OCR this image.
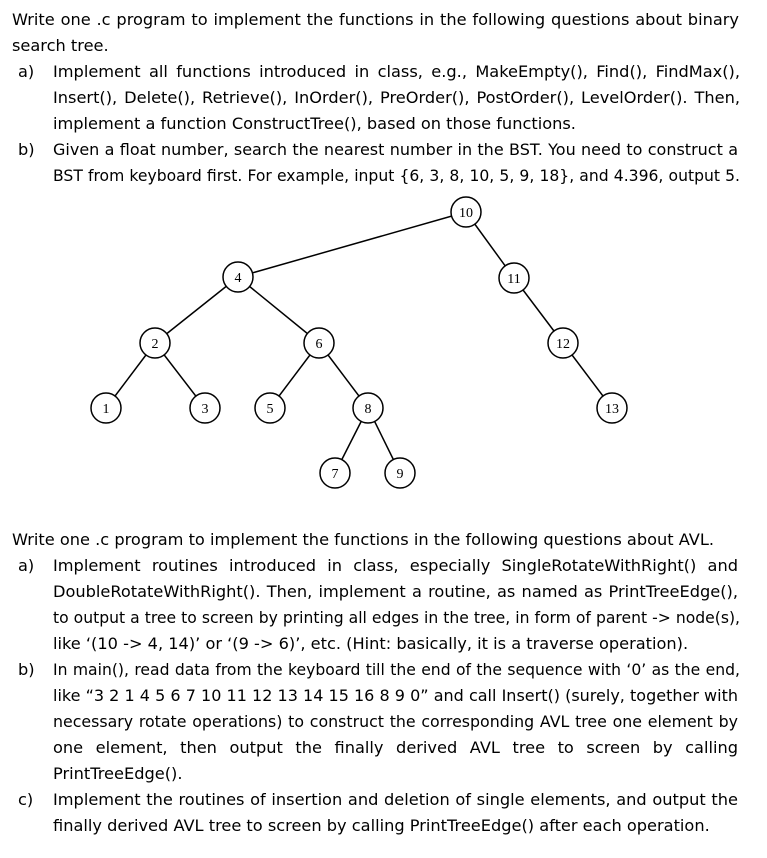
Write one .c program to implement the functions in the following questions about binary
search tree.
a) Implement all functions introduced in class, e.g., MakeEmpty(), Find(), FindMax(),
Insert(), Delete(), Retrieve(), InOrder(), PreOrder(), PostOrder(), LevelOrder(). Then,
implement a function ConstructTree(), based on those functions.
b) Given a float number, search the nearest number in the BST. You need to construct a
BST from keyboard first. For example, input {6, 3, 8, 10, 5, 9, 18}, and 4.396, output 5.
10
4	11
2	6	12
1	3	5	8	13
7	9
Write one .c program to implement the functions in the following questions about AVL.
a) Implement routines introduced in class, especially SingleRotateWithRight() and
DoubleRotateWithRight(). Then, implement a routine, as named as PrintTreeEdge(),
to output a tree to screen by printing all edges in the tree, in form of parent -> node(s),
like ‘(10 -> 4, 14)’ or ‘(9 -> 6)’, etc. (Hint: basically, it is a traverse operation).
b) In main(), read data from the keyboard till the end of the sequence with ‘0’ as the end,
like “3 2 1 4 5 6 7 10 11 12 13 14 15 16 8 9 0” and call Insert() (surely, together with
necessary rotate operations) to construct the corresponding AVL tree one element by
one element, then output the finally derived AVL tree to screen by calling
PrintTreeEdge().
c) Implement the routines of insertion and deletion of single elements, and output the
finally derived AVL tree to screen by calling PrintTreeEdge() after each operation.
